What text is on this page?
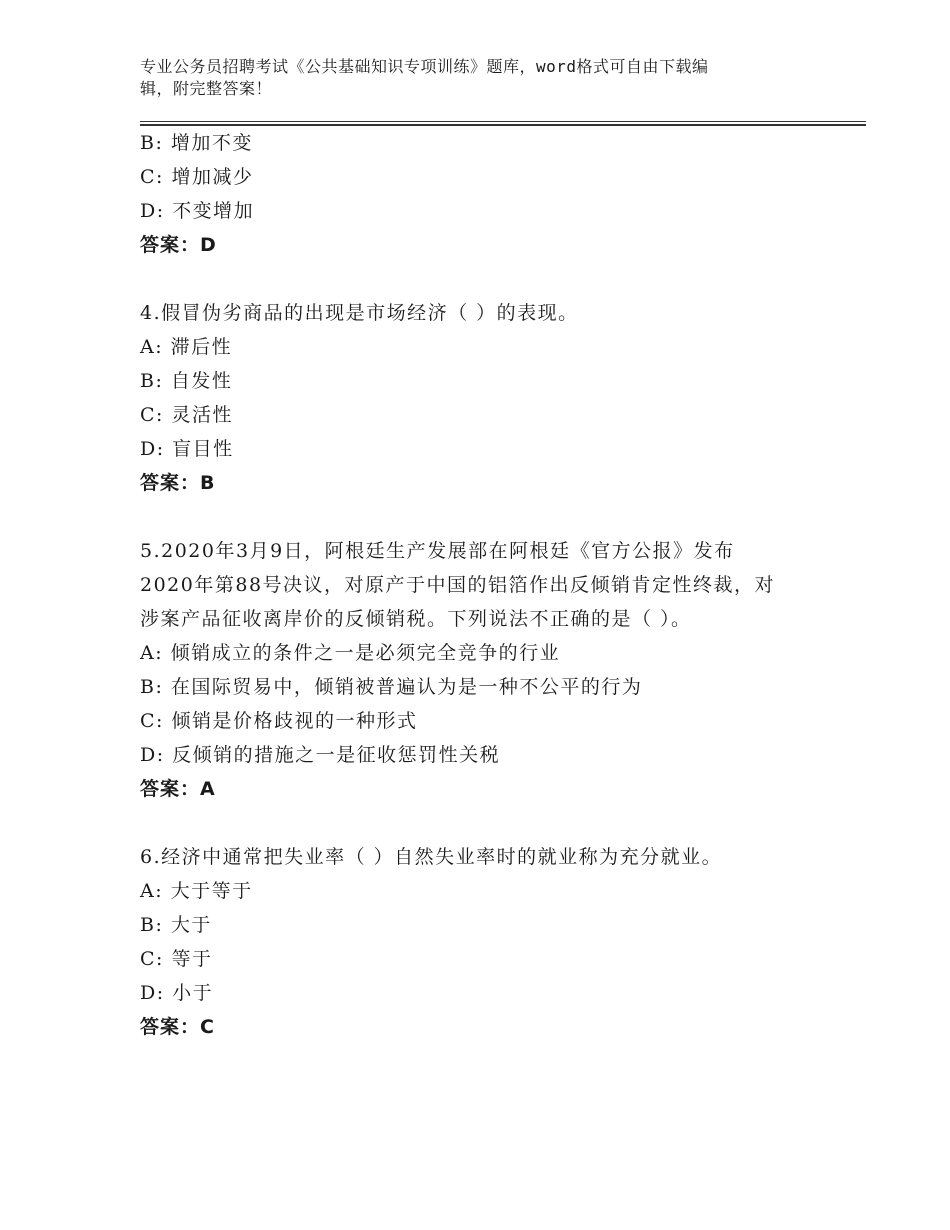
专业公务员招聘考试《公共基础知识专项训练》题库，word格式可自由下载编
辑，附完整答案！
B: 增加不变
C: 增加减少
D: 不变增加
答案：D
4.假冒伪劣商品的出现是市场经济（ ）的表现。
A: 滞后性
B: 自发性
C: 灵活性
D: 盲目性
答案：B
5.2020年3月9日，阿根廷生产发展部在阿根廷《官方公报》发布
2020年第88号决议，对原产于中国的铝箔作出反倾销肯定性终裁，对
涉案产品征收离岸价的反倾销税。下列说法不正确的是（ ）。
A: 倾销成立的条件之一是必须完全竞争的行业
B: 在国际贸易中，倾销被普遍认为是一种不公平的行为
C: 倾销是价格歧视的一种形式
D: 反倾销的措施之一是征收惩罚性关税
答案：A
6.经济中通常把失业率（ ）自然失业率时的就业称为充分就业。
A: 大于等于
B: 大于
C: 等于
D: 小于
答案：C
